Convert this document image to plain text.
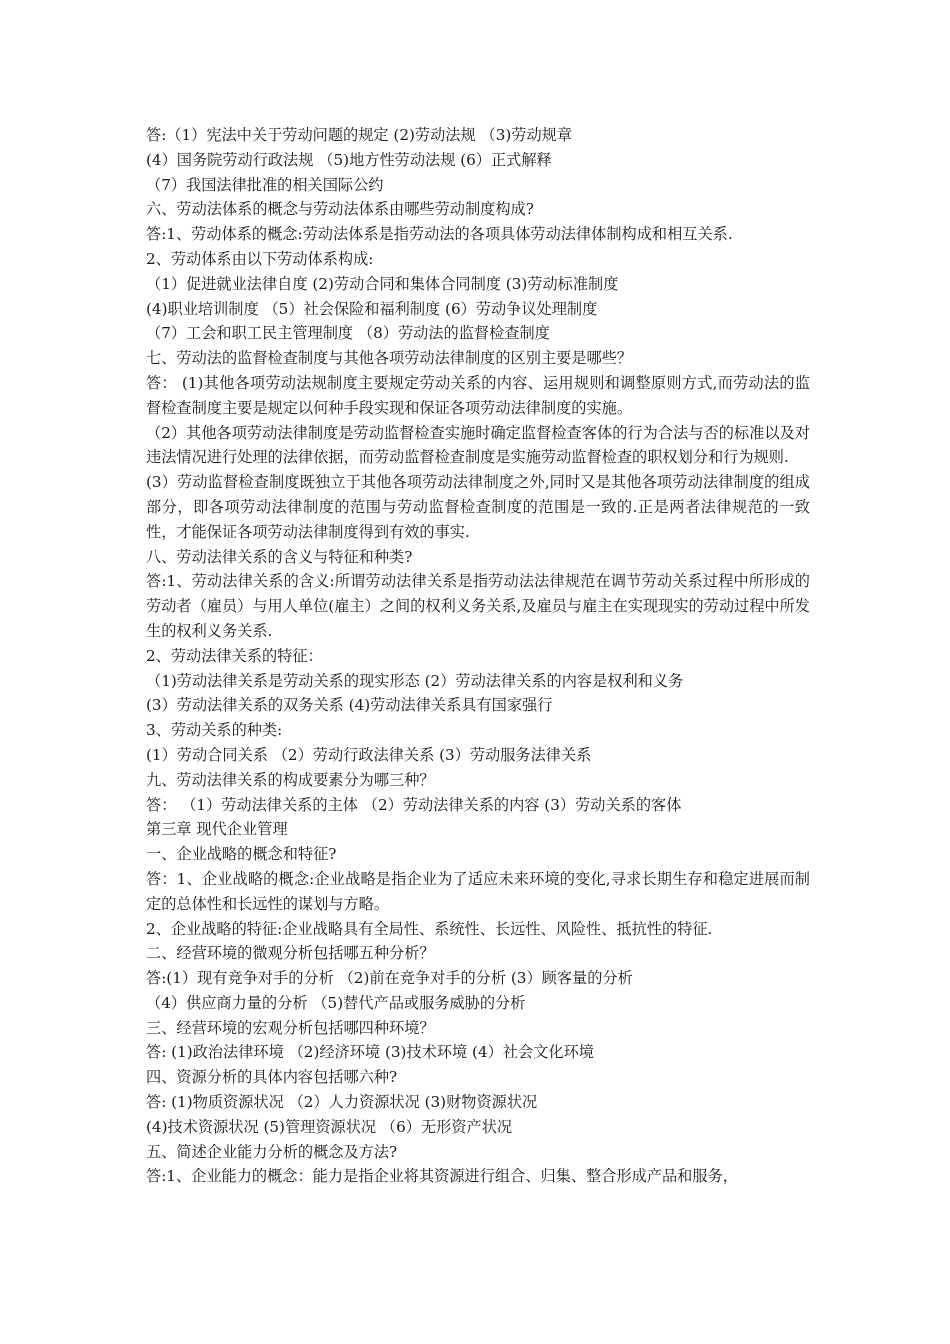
答:（1）宪法中关于劳动问题的规定 (2)劳动法规 （3)劳动规章

(4）国务院劳动行政法规 （5)地方性劳动法规 (6）正式解释

（7）我国法律批准的相关国际公约

六、劳动法体系的概念与劳动法体系由哪些劳动制度构成?

答:1、劳动体系的概念:劳动法体系是指劳动法的各项具体劳动法律体制构成和相互关系.

2、劳动体系由以下劳动体系构成:

（1）促进就业法律自度 (2)劳动合同和集体合同制度 (3)劳动标准制度

(4)职业培训制度 （5）社会保险和福利制度 (6）劳动争议处理制度

（7）工会和职工民主管理制度 （8）劳动法的监督检查制度

七、劳动法的监督检查制度与其他各项劳动法律制度的区别主要是哪些？

答： (1)其他各项劳动法规制度主要规定劳动关系的内容、运用规则和调整原则方式,而劳动法的监督检查制度主要是规定以何种手段实现和保证各项劳动法律制度的实施。

（2）其他各项劳动法律制度是劳动监督检查实施时确定监督检查客体的行为合法与否的标准以及对违法情况进行处理的法律依据，而劳动监督检查制度是实施劳动监督检查的职权划分和行为规则.

(3）劳动监督检查制度既独立于其他各项劳动法律制度之外,同时又是其他各项劳动法律制度的组成部分，即各项劳动法律制度的范围与劳动监督检查制度的范围是一致的.正是两者法律规范的一致性，才能保证各项劳动法律制度得到有效的事实.

八、劳动法律关系的含义与特征和种类?

答:1、劳动法律关系的含义:所谓劳动法律关系是指劳动法法律规范在调节劳动关系过程中所形成的劳动者（雇员）与用人单位(雇主）之间的权利义务关系,及雇员与雇主在实现现实的劳动过程中所发生的权利义务关系.

2、劳动法律关系的特征：

（1)劳动法律关系是劳动关系的现实形态 (2）劳动法律关系的内容是权利和义务

(3）劳动法律关系的双务关系 (4)劳动法律关系具有国家强行

3、劳动关系的种类:

(1）劳动合同关系 （2）劳动行政法律关系 (3）劳动服务法律关系

九、劳动法律关系的构成要素分为哪三种？

答： （1）劳动法律关系的主体 （2）劳动法律关系的内容 (3）劳动关系的客体

第三章 现代企业管理

一、企业战略的概念和特征?

答：1、企业战略的概念:企业战略是指企业为了适应未来环境的变化,寻求长期生存和稳定进展而制定的总体性和长远性的谋划与方略。

2、企业战略的特征:企业战略具有全局性、系统性、长远性、风险性、抵抗性的特征.

二、经营环境的微观分析包括哪五种分析？

答:(1）现有竞争对手的分析 （2)前在竞争对手的分析 (3）顾客量的分析

（4）供应商力量的分析 （5)替代产品或服务威胁的分析

三、经营环境的宏观分析包括哪四种环境？

答: (1)政治法律环境 （2)经济环境 (3)技术环境 (4）社会文化环境

四、资源分析的具体内容包括哪六种?

答: (1)物质资源状况 （2）人力资源状况 (3)财物资源状况

(4)技术资源状况 (5)管理资源状况 （6）无形资产状况

五、简述企业能力分析的概念及方法?

答:1、企业能力的概念：能力是指企业将其资源进行组合、归集、整合形成产品和服务，
